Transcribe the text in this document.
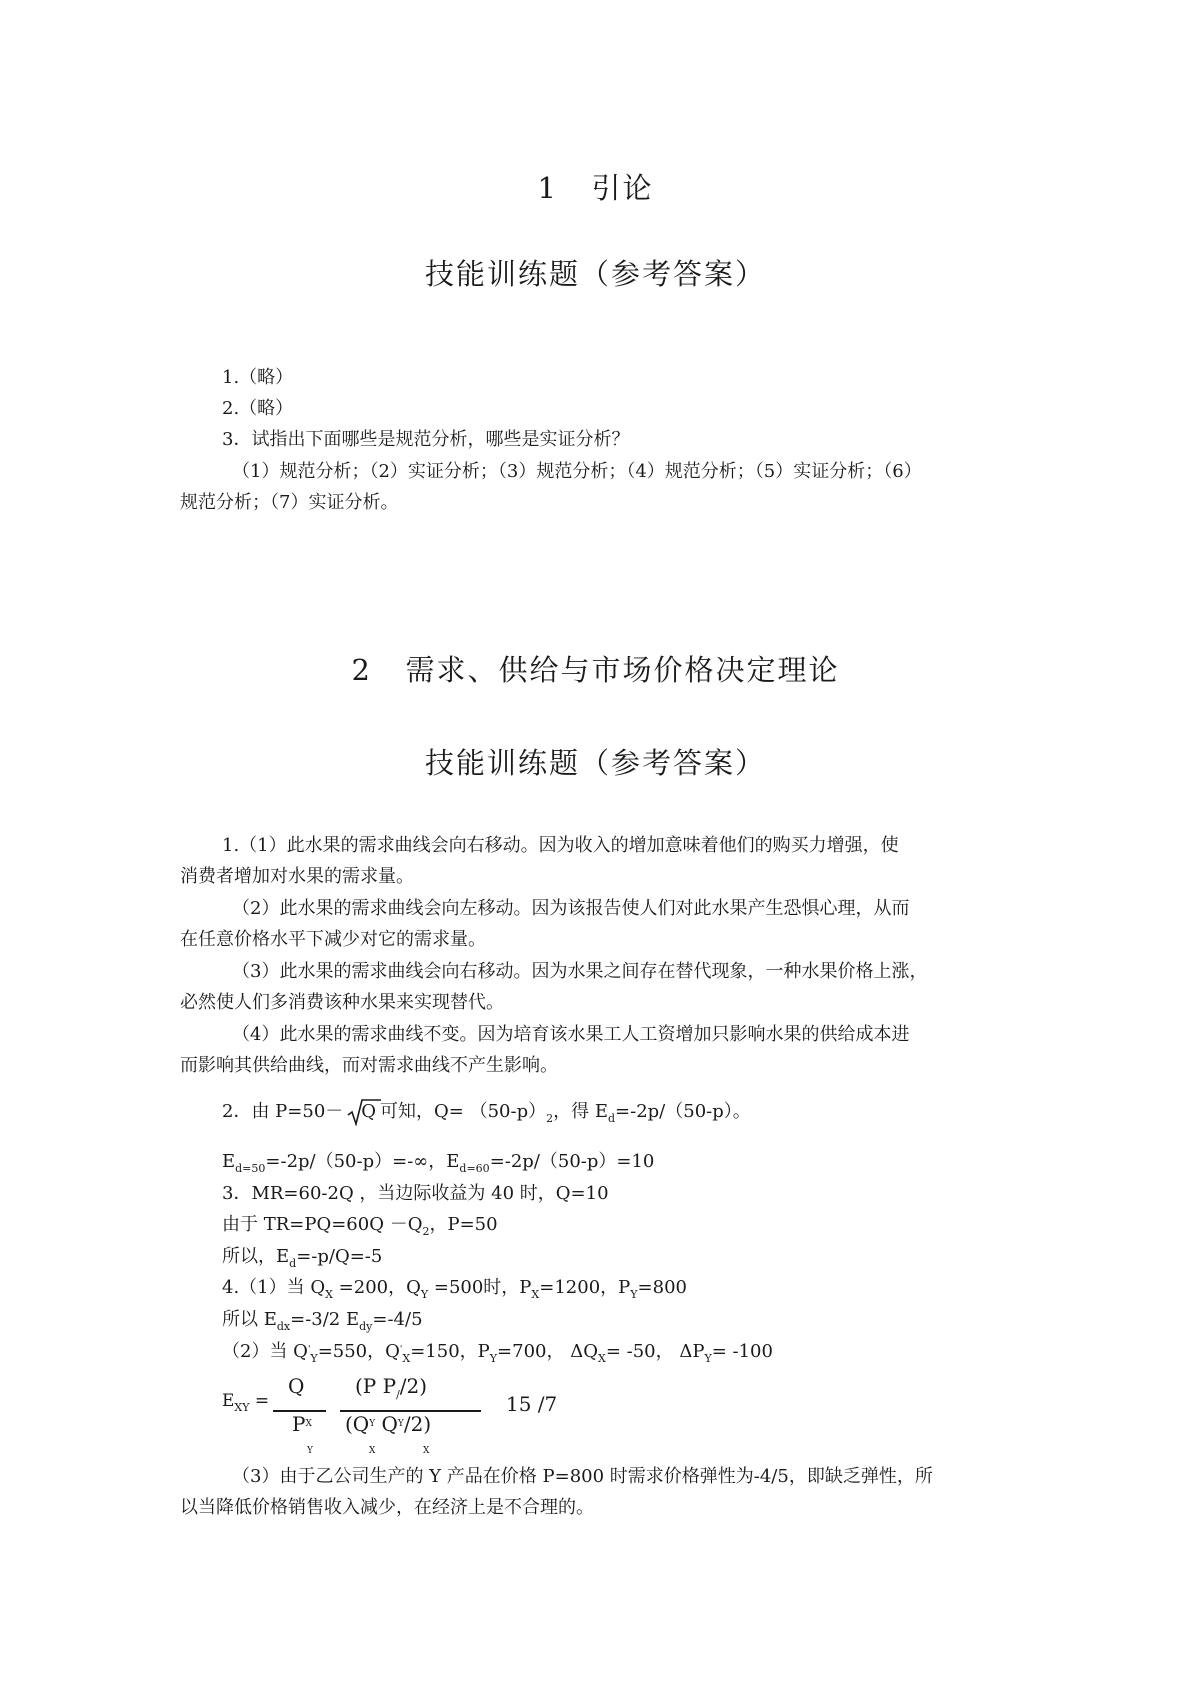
1   引论
技能训练题（参考答案）
1.（略）
2.（略）
3．试指出下面哪些是规范分析，哪些是实证分析？
（1）规范分析；（2）实证分析；（3）规范分析；（4）规范分析；（5）实证分析；（6）
规范分析；（7）实证分析。
2   需求、供给与市场价格决定理论
技能训练题（参考答案）
1.（1）此水果的需求曲线会向右移动。因为收入的增加意味着他们的购买力增强，使
消费者增加对水果的需求量。
（2）此水果的需求曲线会向左移动。因为该报告使人们对此水果产生恐惧心理，从而
在任意价格水平下减少对它的需求量。
（3）此水果的需求曲线会向右移动。因为水果之间存在替代现象，一种水果价格上涨，
必然使人们多消费该种水果来实现替代。
（4）此水果的需求曲线不变。因为培育该水果工人工资增加只影响水果的供给成本进
而影响其供给曲线，而对需求曲线不产生影响。
2．由 P=50－ Q 可知，$Q= (50-p)_2$，得 $E_d=-2p/(50-p)$。
$E_{d=50}=-2p/(50-p)=-\infty$，$E_{d=60}=-2p/(50-p)=10$
3．MR=60-2Q ，当边际收益为 40 时，Q=10
由于 $TR=PQ=60Q -Q_2$，P=50
所以，$E_d=-p/Q=-5$
4.（1）当 $Q_X =200$，$Q_Y =500$时，$P_X=1200$，$P_Y=800$
所以 $E_{dx}=-3/2$ $E_{dy}=-4/5$
（2）当 $Q'_Y=550$，$Q'_X=150$，$P_Y=700$， $\Delta Q_X= -50$， $\Delta P_Y= -100$
$E_{XY}$ =
Q
$P^X$
Y
(P $P_//2$)
($Q^Y$ $Q^Y/2$)
X	X
15 /7
（3）由于乙公司生产的 Y 产品在价格 P=800 时需求价格弹性为-4/5，即缺乏弹性，所
以当降低价格销售收入减少，在经济上是不合理的。
